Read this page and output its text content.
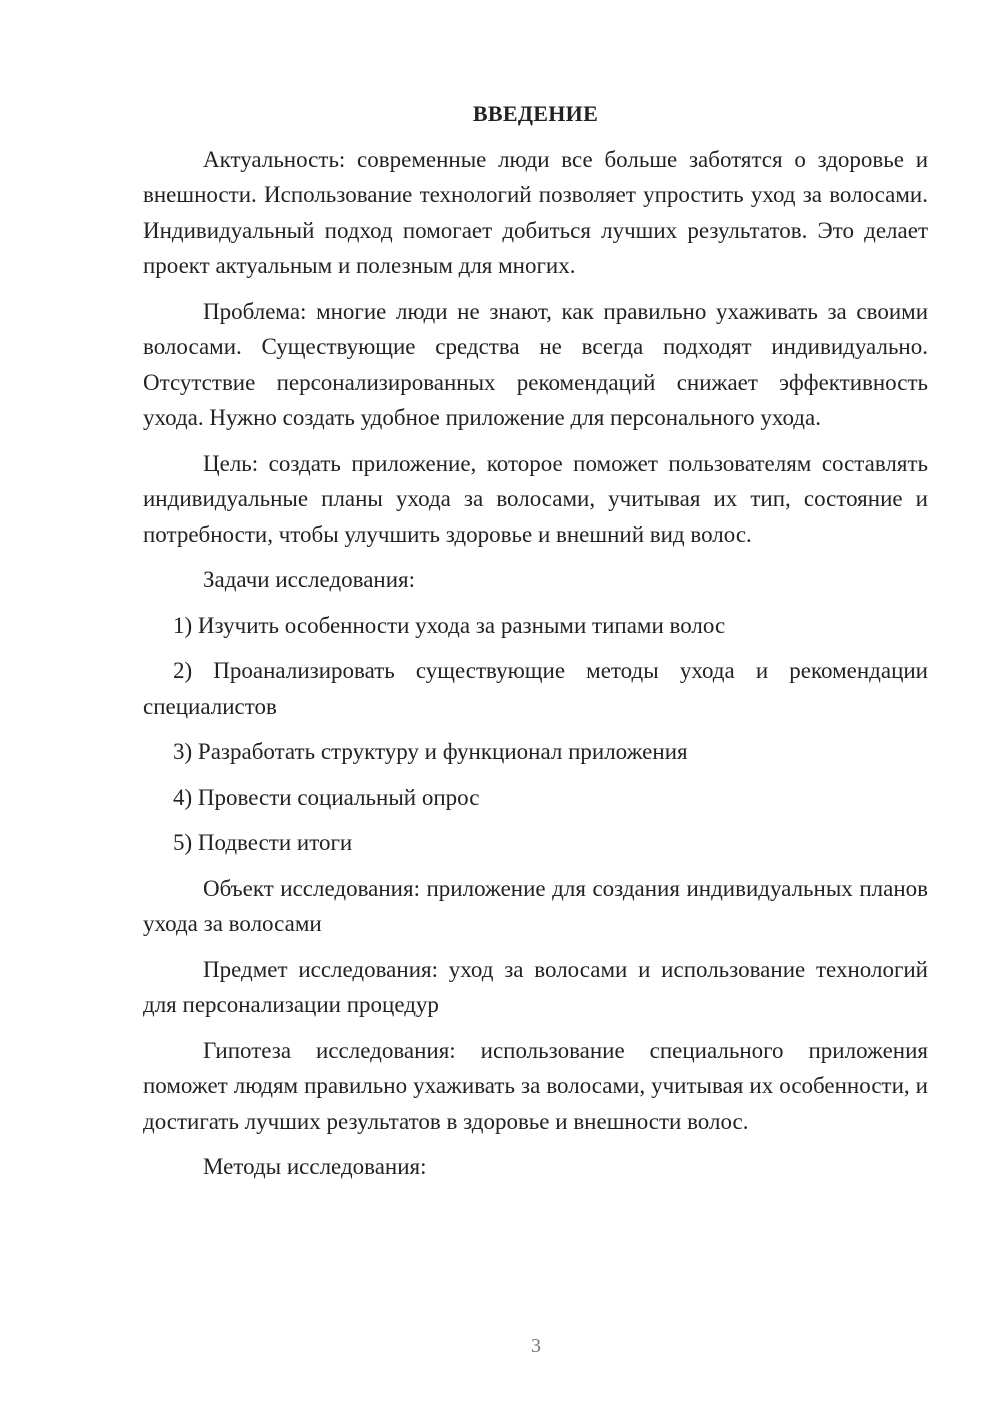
ВВЕДЕНИЕ

Актуальность: современные люди все больше заботятся о здоровье и внешности. Использование технологий позволяет упростить уход за волосами. Индивидуальный подход помогает добиться лучших результатов. Это делает проект актуальным и полезным для многих.

Проблема: многие люди не знают, как правильно ухаживать за своими волосами. Существующие средства не всегда подходят индивидуально. Отсутствие персонализированных рекомендаций снижает эффективность ухода. Нужно создать удобное приложение для персонального ухода.

Цель: создать приложение, которое поможет пользователям составлять индивидуальные планы ухода за волосами, учитывая их тип, состояние и потребности, чтобы улучшить здоровье и внешний вид волос.

Задачи исследования:

1) Изучить особенности ухода за разными типами волос

2) Проанализировать существующие методы ухода и рекомендации специалистов

3) Разработать структуру и функционал приложения

4) Провести социальный опрос

5) Подвести итоги

Объект исследования: приложение для создания индивидуальных планов ухода за волосами

Предмет исследования: уход за волосами и использование технологий для персонализации процедур

Гипотеза исследования: использование специального приложения поможет людям правильно ухаживать за волосами, учитывая их особенности, и достигать лучших результатов в здоровье и внешности волос.

Методы исследования:

3
